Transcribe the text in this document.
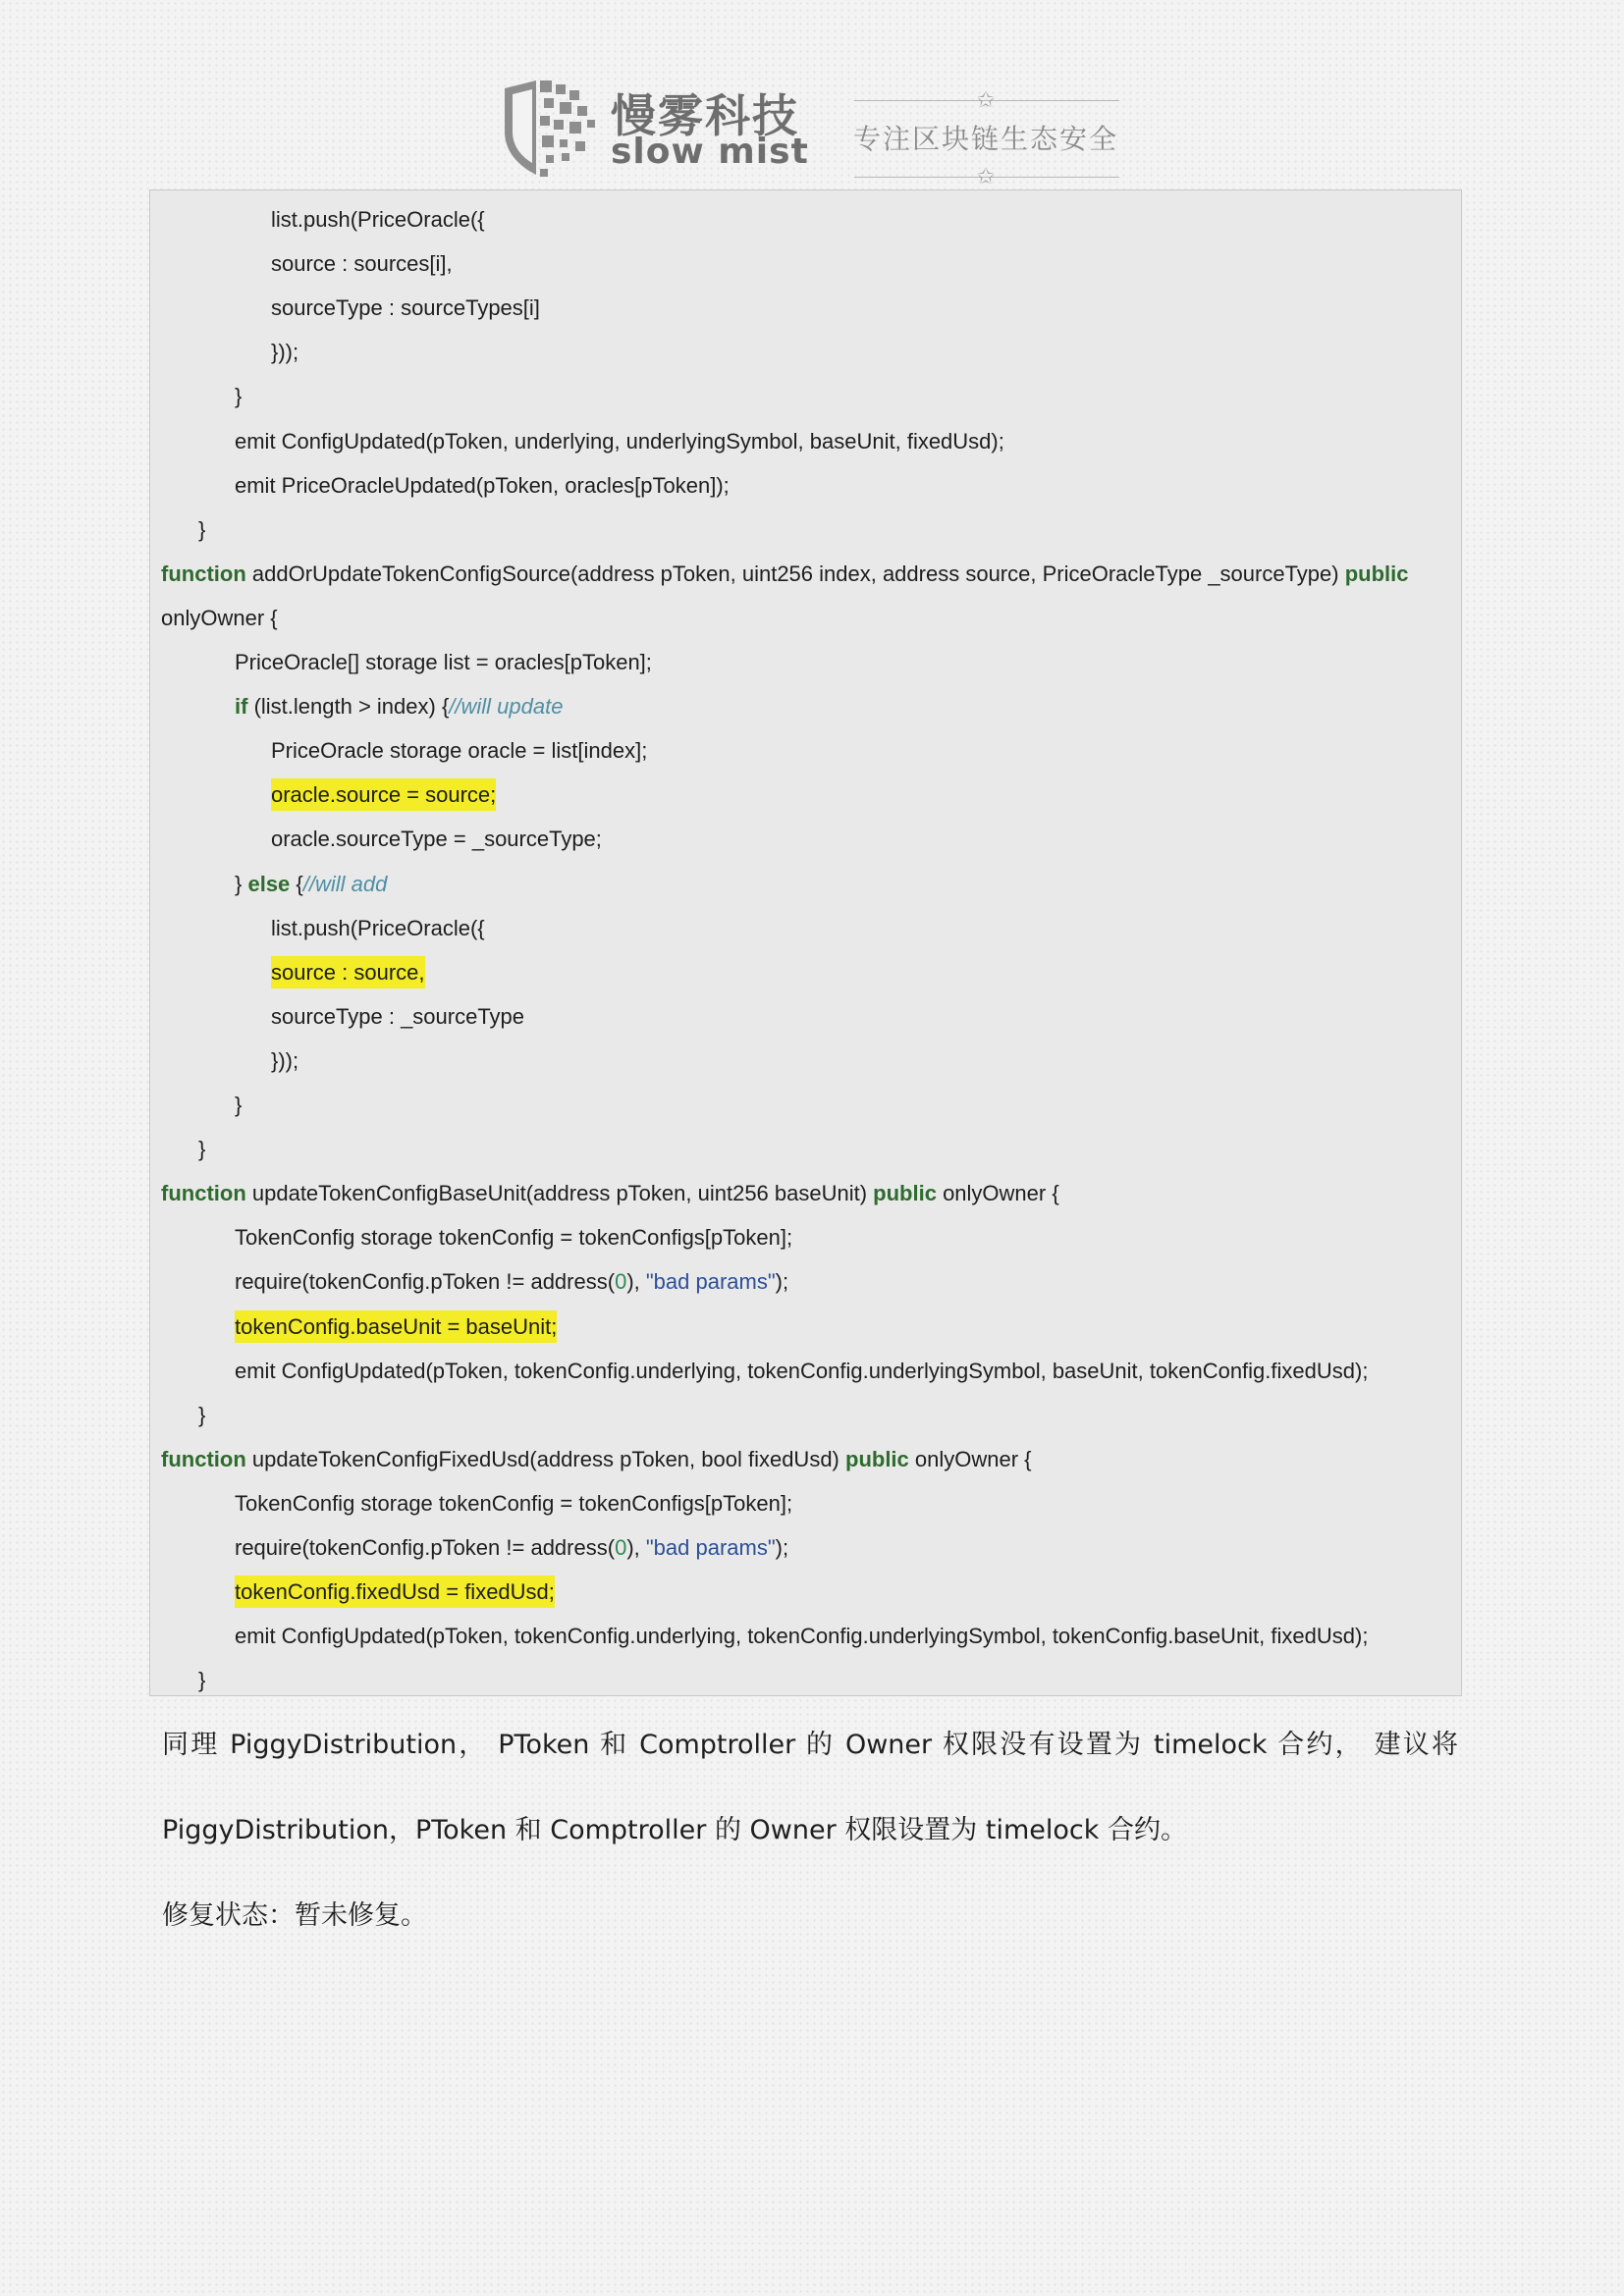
慢雾科技
slow mist
✩
专注区块链生态安全
✩
list.push(PriceOracle({
source : sources[i],
sourceType : sourceTypes[i]
}));
}
emit ConfigUpdated(pToken, underlying, underlyingSymbol, baseUnit, fixedUsd);
emit PriceOracleUpdated(pToken, oracles[pToken]);
}
function addOrUpdateTokenConfigSource(address pToken, uint256 index, address source, PriceOracleType _sourceType) public
onlyOwner {
PriceOracle[] storage list = oracles[pToken];
if (list.length > index) {//will update
PriceOracle storage oracle = list[index];
oracle.source = source;
oracle.sourceType = _sourceType;
} else {//will add
list.push(PriceOracle({
source : source,
sourceType : _sourceType
}));
}
}
function updateTokenConfigBaseUnit(address pToken, uint256 baseUnit) public onlyOwner {
TokenConfig storage tokenConfig = tokenConfigs[pToken];
require(tokenConfig.pToken != address(0), "bad params");
tokenConfig.baseUnit = baseUnit;
emit ConfigUpdated(pToken, tokenConfig.underlying, tokenConfig.underlyingSymbol, baseUnit, tokenConfig.fixedUsd);
}
function updateTokenConfigFixedUsd(address pToken, bool fixedUsd) public onlyOwner {
TokenConfig storage tokenConfig = tokenConfigs[pToken];
require(tokenConfig.pToken != address(0), "bad params");
tokenConfig.fixedUsd = fixedUsd;
emit ConfigUpdated(pToken, tokenConfig.underlying, tokenConfig.underlyingSymbol, tokenConfig.baseUnit, fixedUsd);
}
同理 PiggyDistribution， PToken 和 Comptroller 的 Owner 权限没有设置为 timelock 合约， 建议将
PiggyDistribution，PToken 和 Comptroller 的 Owner 权限设置为 timelock 合约。
修复状态：暂未修复。
